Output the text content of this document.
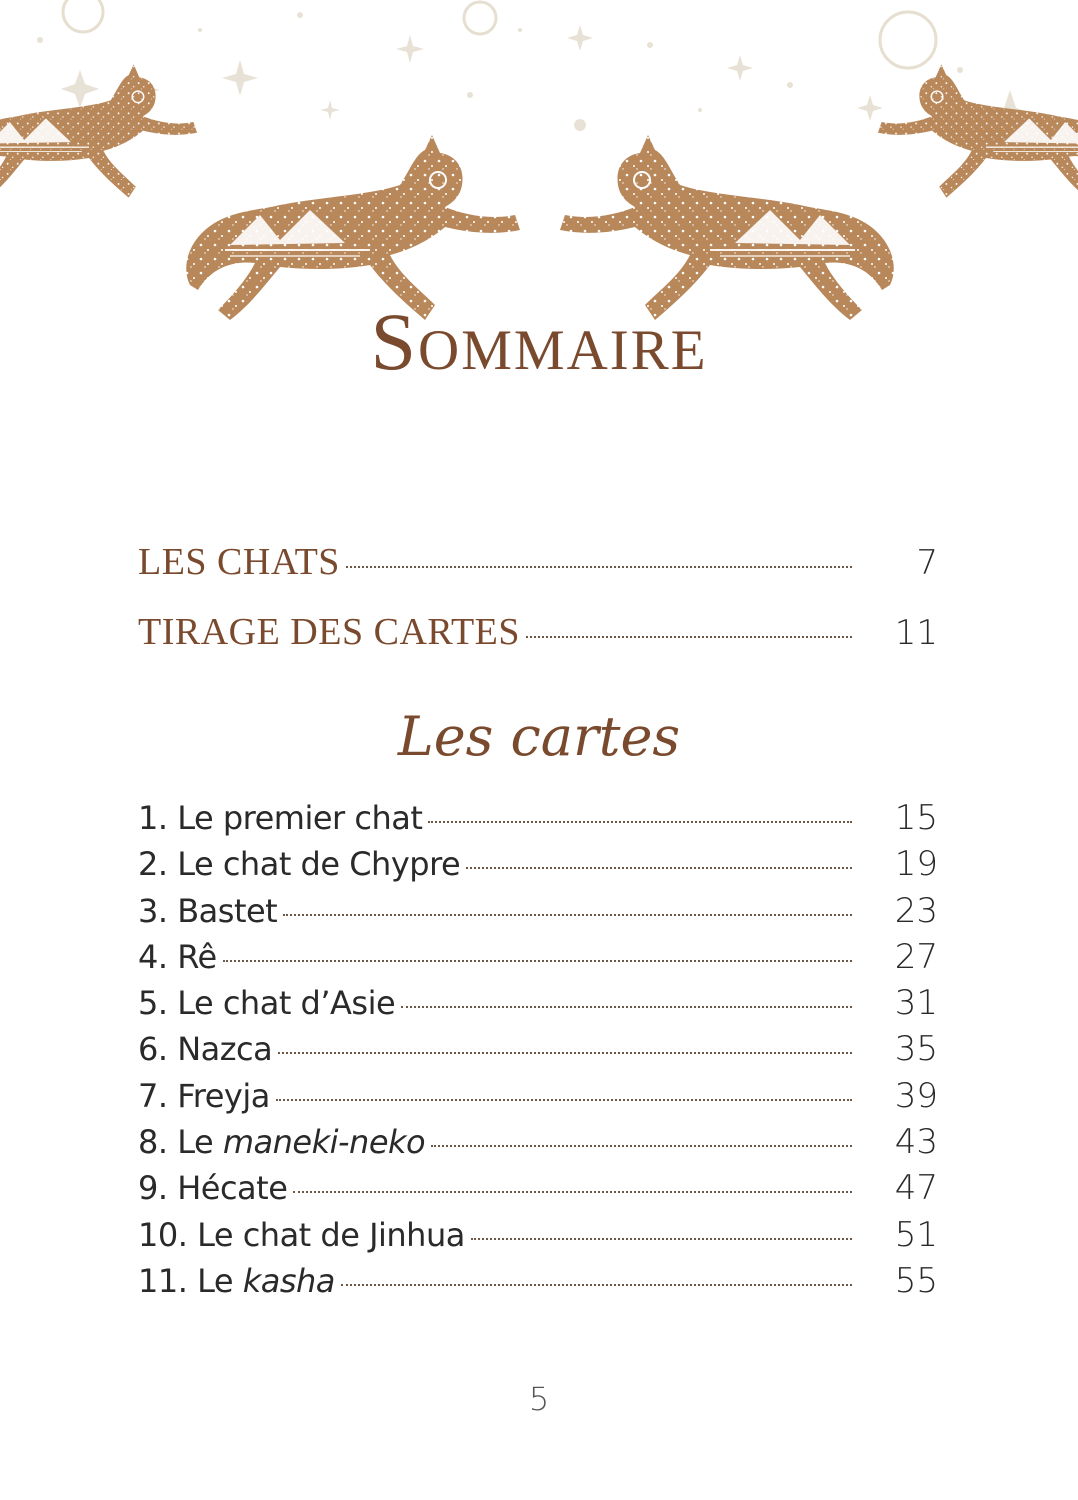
Sommaire
LES CHATS	7
TIRAGE DES CARTES	11
Les cartes
1. Le premier chat	15
2. Le chat de Chypre	19
3. Bastet	23
4. Rê	27
5. Le chat d’Asie	31
6. Nazca	35
7. Freyja	39
8. Le maneki-neko	43
9. Hécate	47
10. Le chat de Jinhua	51
11. Le kasha	55
5
